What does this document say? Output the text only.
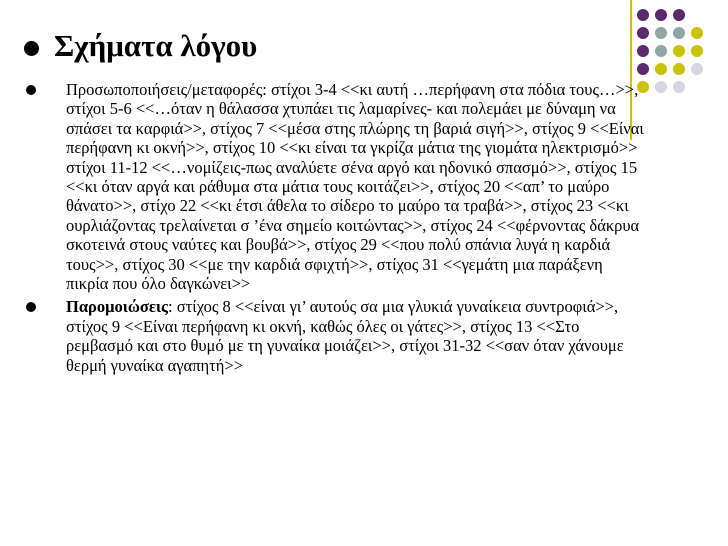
Σχήματα λόγου
Προσωποποιήσεις/μεταφορές: στίχοι 3-4 <<κι αυτή …περήφανη στα πόδια τους…>>, στίχοι 5-6 <<…όταν η θάλασσα χτυπάει τις λαμαρίνες- και πολεμάει με δύναμη να σπάσει τα καρφιά>>, στίχος 7 <<μέσα στης πλώρης τη βαριά σιγή>>, στίχος 9 <<Είναι περήφανη κι οκνή>>, στίχος 10 <<κι είναι τα γκρίζα μάτια της γιομάτα ηλεκτρισμό>> στίχοι 11-12 <<…νομίζεις-πως αναλύετε σένα αργό και ηδονικό σπασμό>>, στίχος 15 <<κι όταν αργά και ράθυμα στα μάτια τους κοιτάζει>>, στίχος 20 <<απ’ το μαύρο θάνατο>>, στίχο 22 <<κι έτσι άθελα το σίδερο το μαύρο τα τραβά>>, στίχος 23 <<κι ουρλιάζοντας τρελαίνεται σ ’ένα σημείο κοιτώντας>>, στίχος 24 <<φέρνοντας δάκρυα σκοτεινά στους ναύτες και βουβά>>, στίχος 29 <<που πολύ σπάνια λυγά η καρδιά τους>>, στίχος 30 <<με την καρδιά σφιχτή>>, στίχος 31 <<γεμάτη μια παράξενη πικρία που όλο δαγκώνει>>
Παρομοιώσεις: στίχος 8 <<είναι γι’ αυτούς σα μια γλυκιά γυναίκεια συντροφιά>>, στίχος 9 <<Είναι περήφανη κι οκνή, καθώς όλες οι γάτες>>, στίχος 13 <<Στο ρεμβασμό και στο θυμό με τη γυναίκα μοιάζει>>, στίχοι 31-32 <<σαν όταν χάνουμε θερμή γυναίκα αγαπητή>>
